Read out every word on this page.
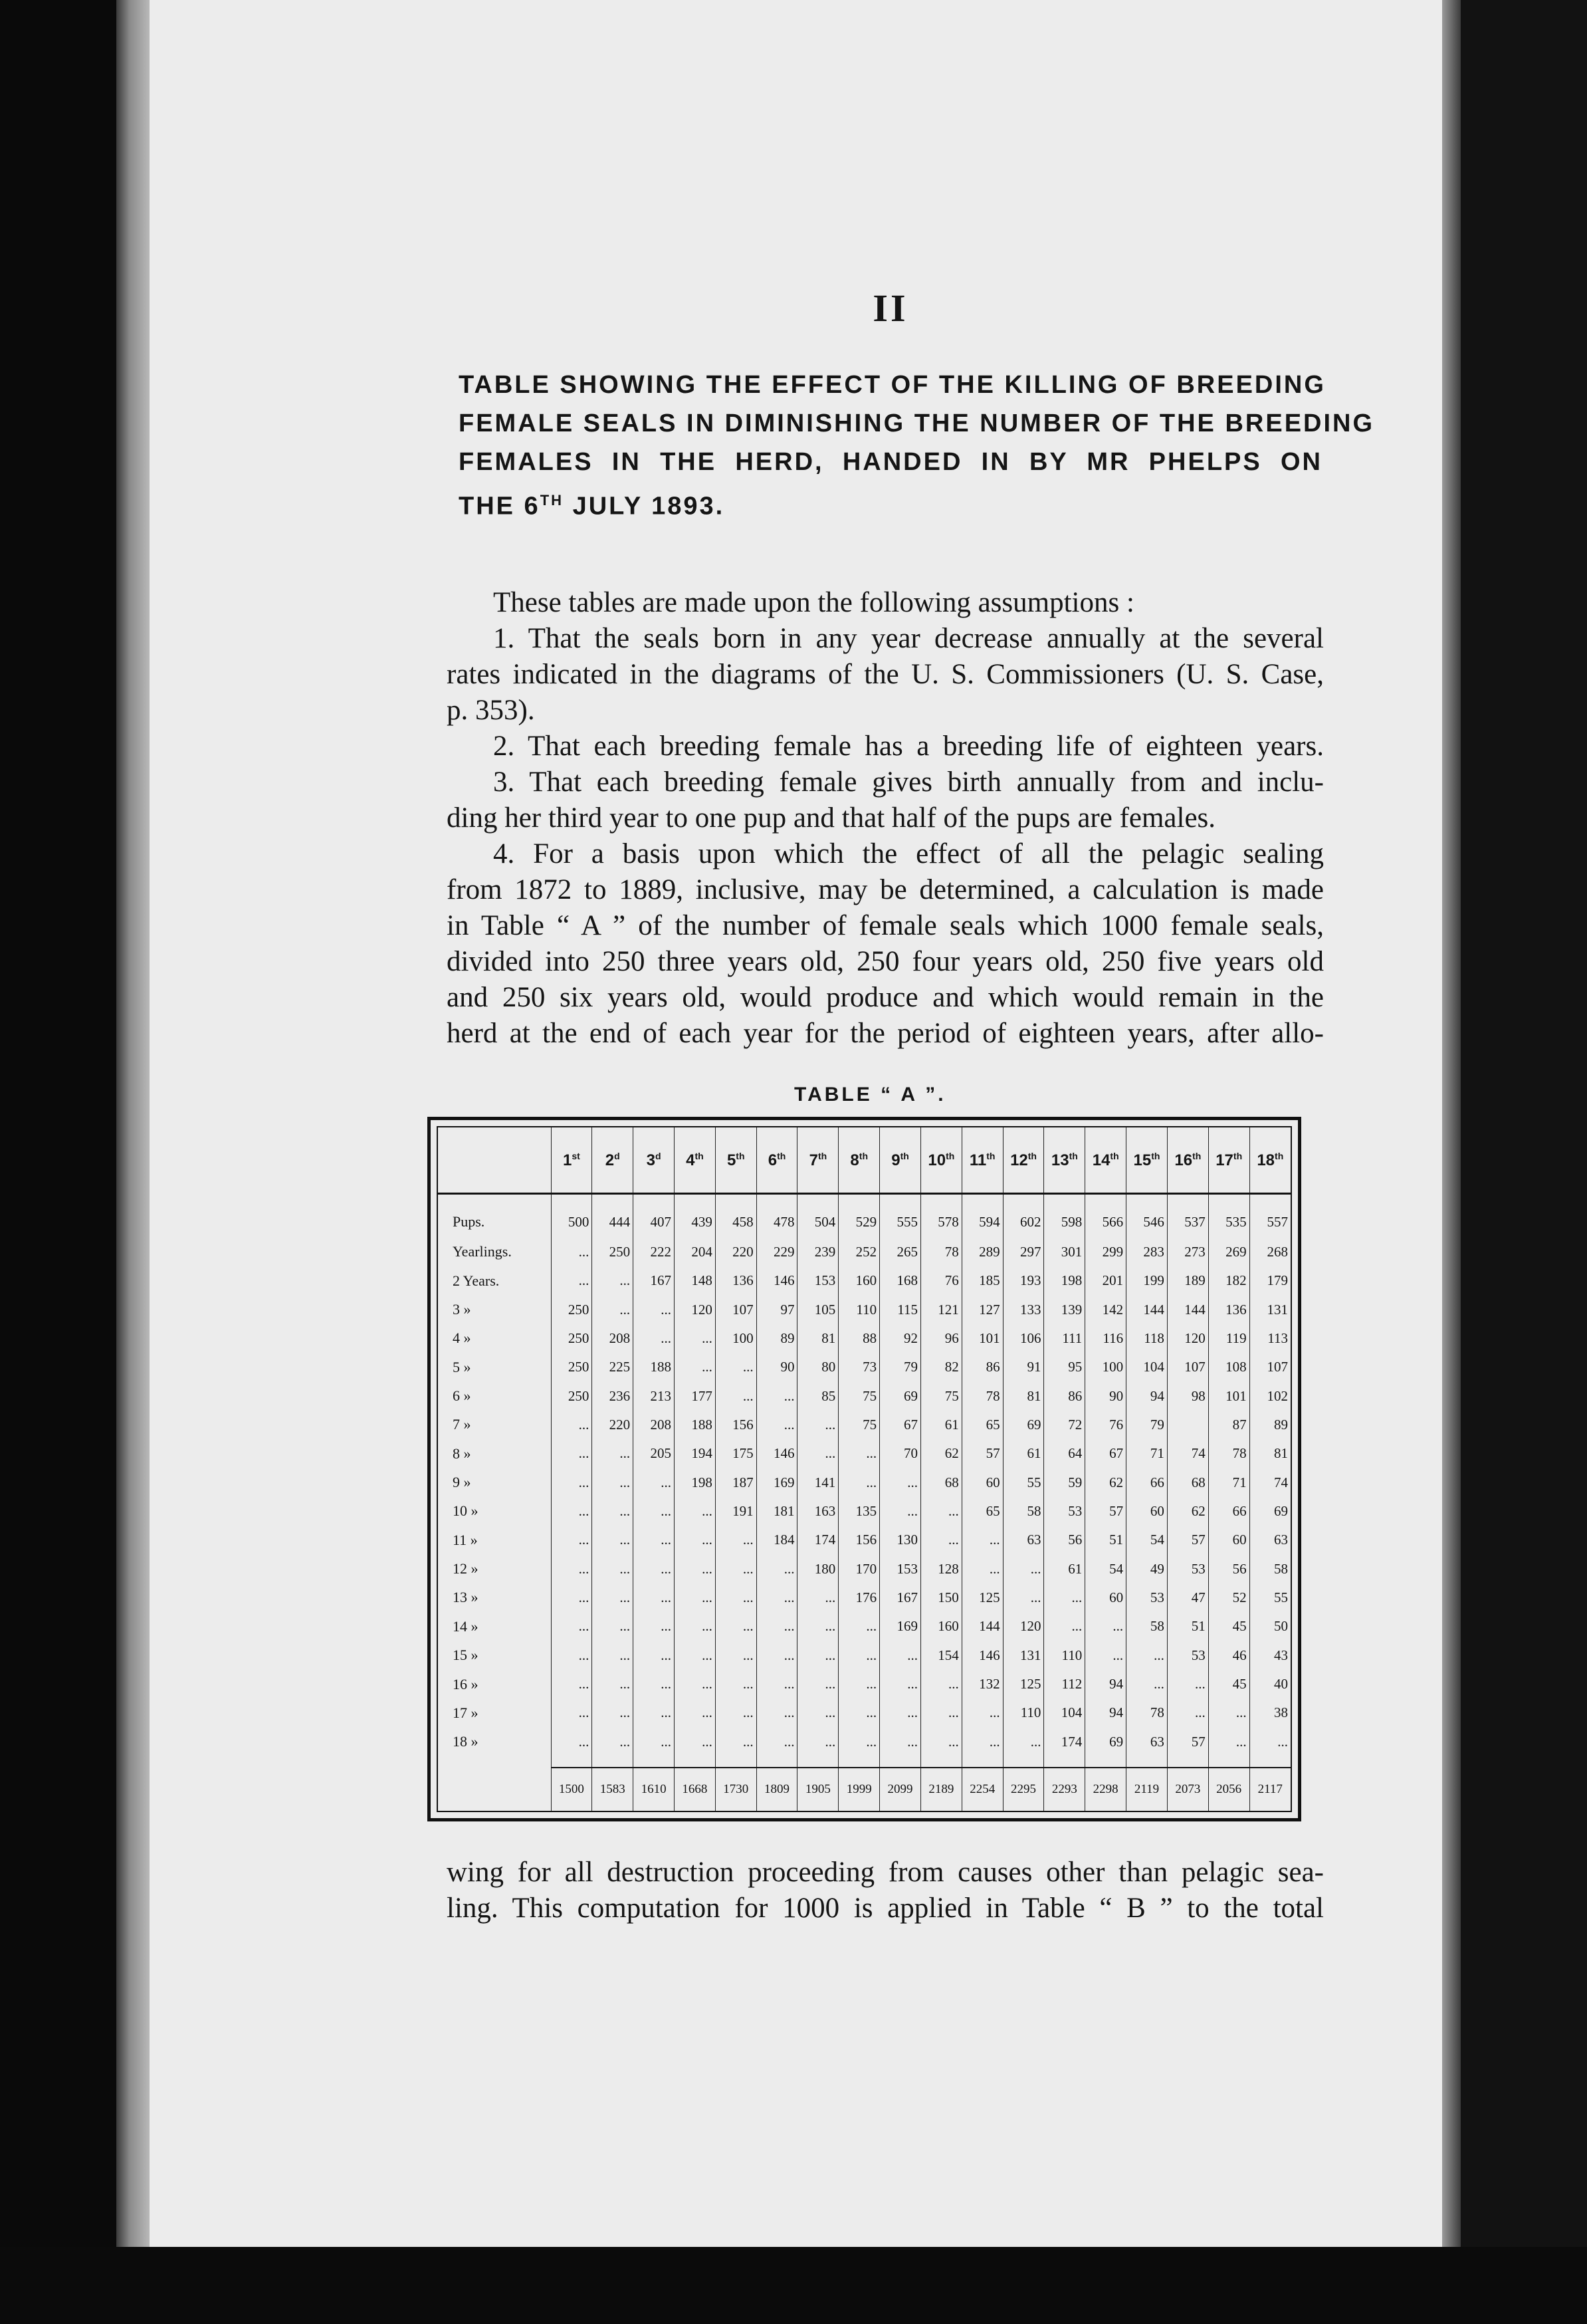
II
TABLE SHOWING THE EFFECT OF THE KILLING OF BREEDING
FEMALE SEALS IN DIMINISHING THE NUMBER OF THE BREEDING
FEMALES IN THE HERD, HANDED IN BY MR PHELPS ON
THE 6TH JULY 1893.
These tables are made upon the following assumptions :
1. That the seals born in any year decrease annually at the several
rates indicated in the diagrams of the U. S. Commissioners (U. S. Case,
p. 353).
2. That each breeding female has a breeding life of eighteen years.
3. That each breeding female gives birth annually from and inclu-
ding her third year to one pup and that half of the pups are females.
4. For a basis upon which the effect of all the pelagic sealing
from 1872 to 1889, inclusive, may be determined, a calculation is made
in Table “ A ” of the number of female seals which 1000 female seals,
divided into 250 three years old, 250 four years old, 250 five years old
and 250 six years old, would produce and which would remain in the
herd at the end of each year for the period of eighteen years, after allo-
TABLE “ A ”.
	1st	2$^d$	3$^d$	4th	5th	6th	7th	8th	9th	10th	11th	12th	13th	14th	15th	16th	17th	18th
Pups.	500	444	407	439	458	478	504	529	555	578	594	602	598	566	546	537	535	557
Yearlings.	...	250	222	204	220	229	239	252	265	78	289	297	301	299	283	273	269	268
2 Years.	...	...	167	148	136	146	153	160	168	76	185	193	198	201	199	189	182	179
3 »	250	...	...	120	107	97	105	110	115	121	127	133	139	142	144	144	136	131
4 »	250	208	...	...	100	89	81	88	92	96	101	106	111	116	118	120	119	113
5 »	250	225	188	...	...	90	80	73	79	82	86	91	95	100	104	107	108	107
6 »	250	236	213	177	...	...	85	75	69	75	78	81	86	90	94	98	101	102
7 »	...	220	208	188	156	...	...	75	67	61	65	69	72	76	79		87	89
8 »	...	...	205	194	175	146	...	...	70	62	57	61	64	67	71	74	78	81
9 »	...	...	...	198	187	169	141	...	...	68	60	55	59	62	66	68	71	74
10 »	...	...	...	...	191	181	163	135	...	...	65	58	53	57	60	62	66	69
11 »	...	...	...	...	...	184	174	156	130	...	...	63	56	51	54	57	60	63
12 »	...	...	...	...	...	...	180	170	153	128	...	...	61	54	49	53	56	58
13 »	...	...	...	...	...	...	...	176	167	150	125	...	...	60	53	47	52	55
14 »	...	...	...	...	...	...	...	...	169	160	144	120	...	...	58	51	45	50
15 »	...	...	...	...	...	...	...	...	...	154	146	131	110	...	...	53	46	43
16 »	...	...	...	...	...	...	...	...	...	...	132	125	112	94	...	...	45	40
17 »	...	...	...	...	...	...	...	...	...	...	...	110	104	94	78	...	...	38
18 »	...	...	...	...	...	...	...	...	...	...	...	...	174	69	63	57	...	...

	1500	1583	1610	1668	1730	1809	1905	1999	2099	2189	2254	2295	2293	2298	2119	2073	2056	2117
wing for all destruction proceeding from causes other than pelagic sea-
ling. This computation for 1000 is applied in Table “ B ” to the total
